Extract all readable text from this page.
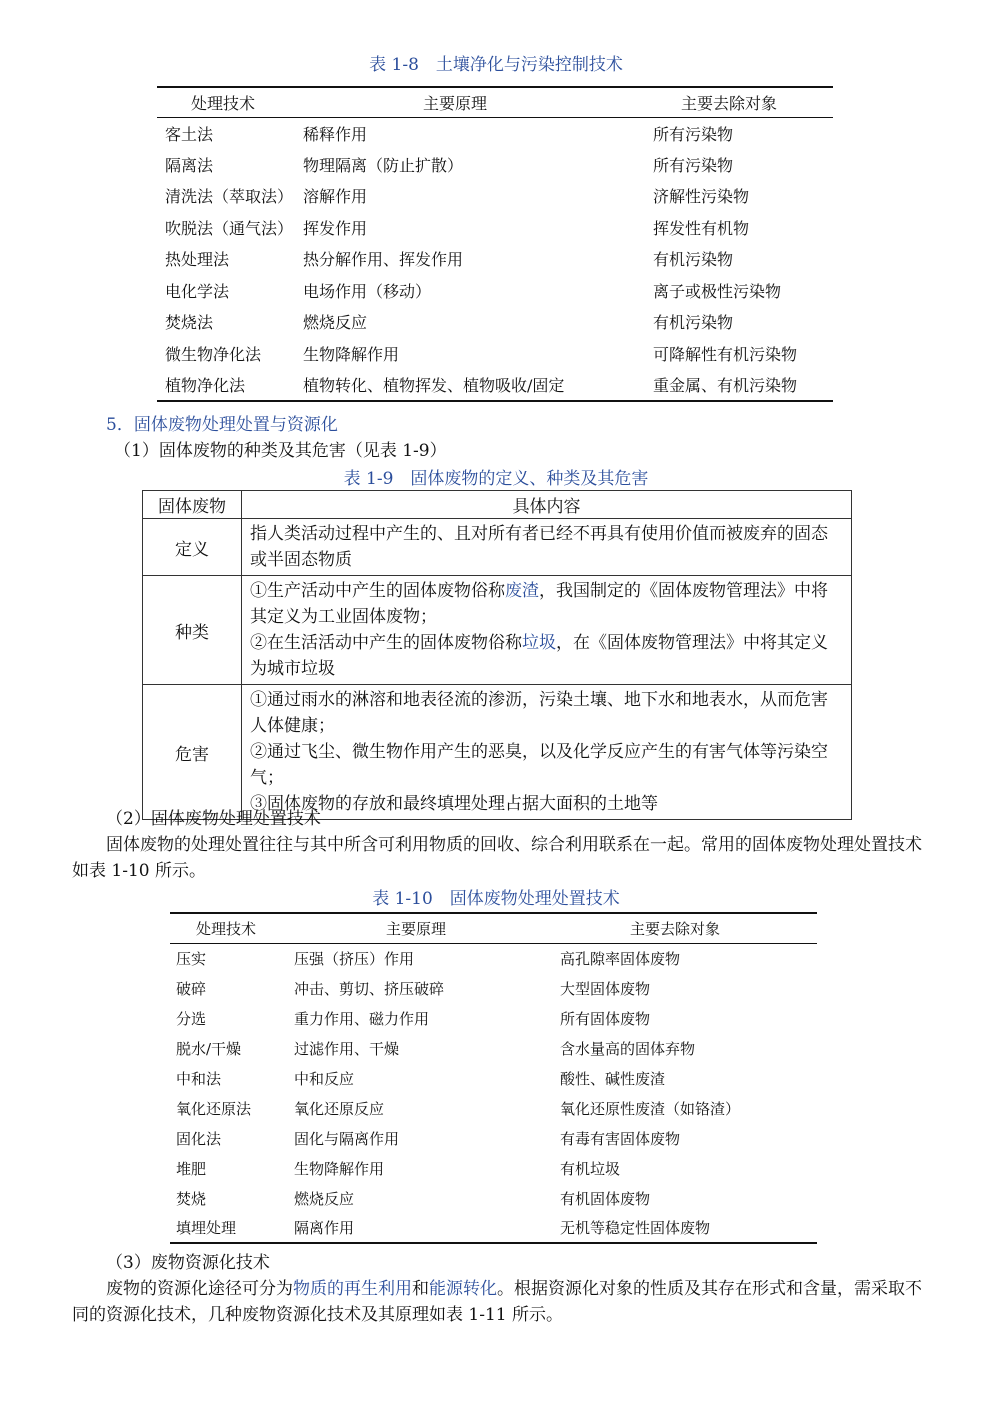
表 1-8　土壤净化与污染控制技术
处理技术	主要原理	主要去除对象
客土法	稀释作用	所有污染物
隔离法	物理隔离（防止扩散）	所有污染物
清洗法（萃取法）	溶解作用	济解性污染物
吹脱法（通气法）	挥发作用	挥发性有机物
热处理法	热分解作用、挥发作用	有机污染物
电化学法	电场作用（移动）	离子或极性污染物
焚烧法	燃烧反应	有机污染物
微生物净化法	生物降解作用	可降解性有机污染物
植物净化法	植物转化、植物挥发、植物吸收/固定	重金属、有机污染物
5．固体废物处理处置与资源化
（1）固体废物的种类及其危害（见表 1-9）
表 1-9　固体废物的定义、种类及其危害
固体废物	具体内容
定义	指人类活动过程中产生的、且对所有者已经不再具有使用价值而被废弃的固态或半固态物质
种类	①生产活动中产生的固体废物俗称废渣，我国制定的《固体废物管理法》中将其定义为工业固体废物；
②在生活活动中产生的固体废物俗称垃圾，在《固体废物管理法》中将其定义为城市垃圾

危害	①通过雨水的淋溶和地表径流的渗沥，污染土壤、地下水和地表水，从而危害人体健康；
②通过飞尘、微生物作用产生的恶臭，以及化学反应产生的有害气体等污染空气；
③固体废物的存放和最终填埋处理占据大面积的土地等
（2）固体废物处理处置技术
固体废物的处理处置往往与其中所含可利用物质的回收、综合利用联系在一起。常用的固体废物处理处置技术如表 1-10 所示。
表 1-10　固体废物处理处置技术
处理技术	主要原理	主要去除对象
压实	压强（挤压）作用	高孔隙率固体废物
破碎	冲击、剪切、挤压破碎	大型固体废物
分选	重力作用、磁力作用	所有固体废物
脱水/干燥	过滤作用、干燥	含水量高的固体弃物
中和法	中和反应	酸性、碱性废渣
氧化还原法	氧化还原反应	氧化还原性废渣（如铬渣）
固化法	固化与隔离作用	有毒有害固体废物
堆肥	生物降解作用	有机垃圾
焚烧	燃烧反应	有机固体废物
填埋处理	隔离作用	无机等稳定性固体废物
（3）废物资源化技术
废物的资源化途径可分为物质的再生利用和能源转化。根据资源化对象的性质及其存在形式和含量，需采取不同的资源化技术，几种废物资源化技术及其原理如表 1-11 所示。
